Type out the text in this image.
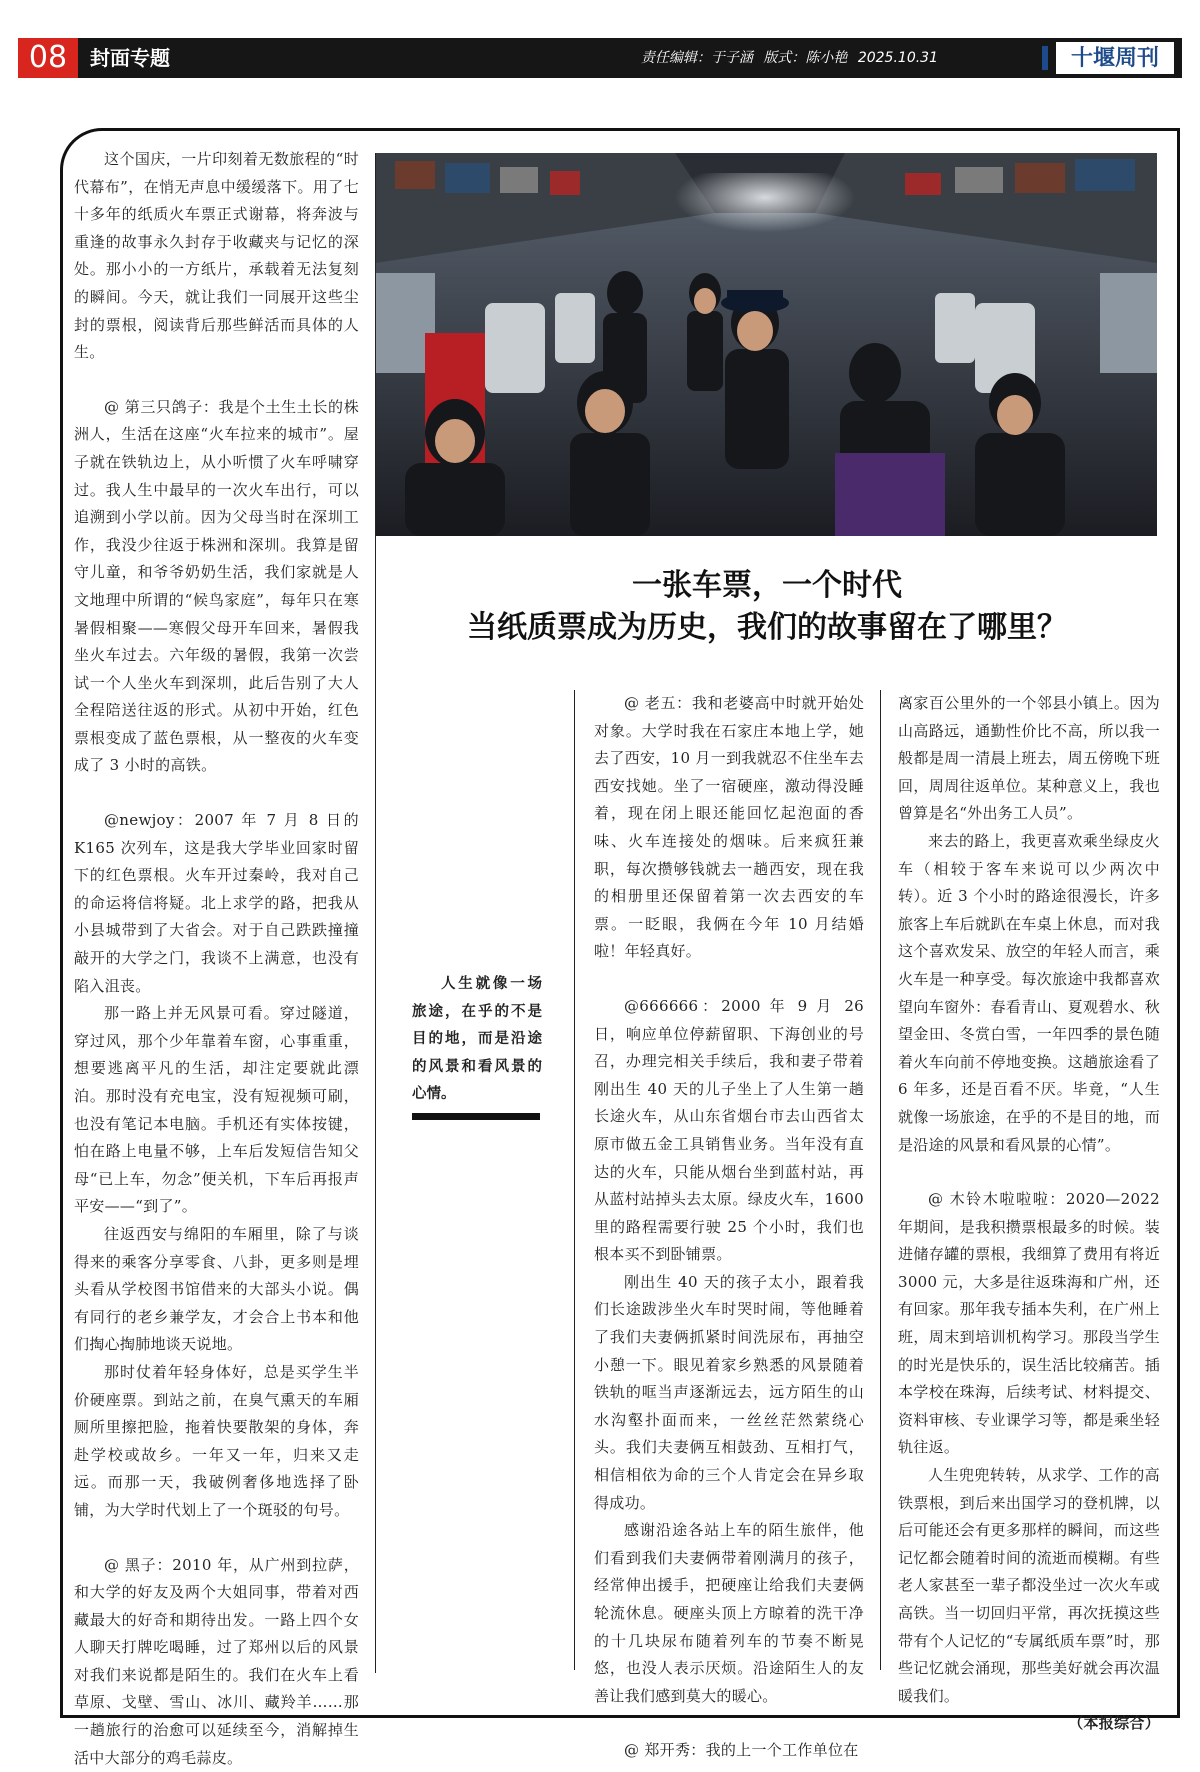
08	封面专题	责任编辑：于子涵 版式：陈小艳 2025.10.31	十堰周刊
二维码安全使用镜头。
一张车票，一个时代
当纸质票成为历史，我们的故事留在了哪里？

这个国庆，一片印刻着无数旅程的“时代幕布”，在悄无声息中缓缓落下。用了七十多年的纸质火车票正式谢幕，将奔波与重逢的故事永久封存于收藏夹与记忆的深处。那小小的一方纸片，承载着无法复刻的瞬间。今天，就让我们一同展开这些尘封的票根，阅读背后那些鲜活而具体的人生。

@ 第三只鸽子：我是个土生土长的株洲人，生活在这座“火车拉来的城市”。屋子就在铁轨边上，从小听惯了火车呼啸穿过。我人生中最早的一次火车出行，可以追溯到小学以前。因为父母当时在深圳工作，我没少往返于株洲和深圳。我算是留守儿童，和爷爷奶奶生活，我们家就是人文地理中所谓的“候鸟家庭”，每年只在寒暑假相聚——寒假父母开车回来，暑假我坐火车过去。六年级的暑假，我第一次尝试一个人坐火车到深圳，此后告别了大人全程陪送往返的形式。从初中开始，红色票根变成了蓝色票根，从一整夜的火车变成了 3 小时的高铁。

@newjoy：2007 年 7 月 8 日的 K165 次列车，这是我大学毕业回家时留下的红色票根。火车开过秦岭，我对自己的命运将信将疑。北上求学的路，把我从小县城带到了大省会。对于自己跌跌撞撞敲开的大学之门，我谈不上满意，也没有陷入沮丧。

那一路上并无风景可看。穿过隧道，穿过风，那个少年靠着车窗，心事重重，想要逃离平凡的生活，却注定要就此漂泊。那时没有充电宝，没有短视频可刷，也没有笔记本电脑。手机还有实体按键，怕在路上电量不够，上车后发短信告知父母“已上车，勿念”便关机，下车后再报声平安——“到了”。

往返西安与绵阳的车厢里，除了与谈得来的乘客分享零食、八卦，更多则是埋头看从学校图书馆借来的大部头小说。偶有同行的老乡兼学友，才会合上书本和他们掏心掏肺地谈天说地。

那时仗着年轻身体好，总是买学生半价硬座票。到站之前，在臭气熏天的车厢厕所里擦把脸，拖着快要散架的身体，奔赴学校或故乡。一年又一年，归来又走远。而那一天，我破例奢侈地选择了卧铺，为大学时代划上了一个斑驳的句号。

@ 黑子：2010 年，从广州到拉萨，和大学的好友及两个大姐同事，带着对西藏最大的好奇和期待出发。一路上四个女人聊天打牌吃喝睡，过了郑州以后的风景对我们来说都是陌生的。我们在火车上看草原、戈壁、雪山、冰川、藏羚羊……那一趟旅行的治愈可以延续至今，消解掉生活中大部分的鸡毛蒜皮。

人生就像一场旅途，在乎的不是目的地，而是沿途的风景和看风景的心情。

@ 老五：我和老婆高中时就开始处对象。大学时我在石家庄本地上学，她去了西安，10 月一到我就忍不住坐车去西安找她。坐了一宿硬座，激动得没睡着，现在闭上眼还能回忆起泡面的香味、火车连接处的烟味。后来疯狂兼职，每次攒够钱就去一趟西安，现在我的相册里还保留着第一次去西安的车票。一眨眼，我俩在今年 10 月结婚啦！年轻真好。

@666666：2000 年 9 月 26 日，响应单位停薪留职、下海创业的号召，办理完相关手续后，我和妻子带着刚出生 40 天的儿子坐上了人生第一趟长途火车，从山东省烟台市去山西省太原市做五金工具销售业务。当年没有直达的火车，只能从烟台坐到蓝村站，再从蓝村站掉头去太原。绿皮火车，1600 里的路程需要行驶 25 个小时，我们也根本买不到卧铺票。

刚出生 40 天的孩子太小，跟着我们长途跋涉坐火车时哭时闹，等他睡着了我们夫妻俩抓紧时间洗尿布，再抽空小憩一下。眼见着家乡熟悉的风景随着铁轨的哐当声逐渐远去，远方陌生的山水沟壑扑面而来，一丝丝茫然萦绕心头。我们夫妻俩互相鼓劲、互相打气，相信相依为命的三个人肯定会在异乡取得成功。

感谢沿途各站上车的陌生旅伴，他们看到我们夫妻俩带着刚满月的孩子，经常伸出援手，把硬座让给我们夫妻俩轮流休息。硬座头顶上方晾着的洗干净的十几块尿布随着列车的节奏不断晃悠，也没人表示厌烦。沿途陌生人的友善让我们感到莫大的暖心。

@ 郑开秀：我的上一个工作单位在

离家百公里外的一个邻县小镇上。因为山高路远，通勤性价比不高，所以我一般都是周一清晨上班去，周五傍晚下班回，周周往返单位。某种意义上，我也曾算是名“外出务工人员”。

来去的路上，我更喜欢乘坐绿皮火车（相较于客车来说可以少两次中转）。近 3 个小时的路途很漫长，许多旅客上车后就趴在车桌上休息，而对我这个喜欢发呆、放空的年轻人而言，乘火车是一种享受。每次旅途中我都喜欢望向车窗外：春看青山、夏观碧水、秋望金田、冬赏白雪，一年四季的景色随着火车向前不停地变换。这趟旅途看了 6 年多，还是百看不厌。毕竟，“人生就像一场旅途，在乎的不是目的地，而是沿途的风景和看风景的心情”。

@ 木铃木啦啦啦：2020—2022 年期间，是我积攒票根最多的时候。装进储存罐的票根，我细算了费用有将近 3000 元，大多是往返珠海和广州，还有回家。那年我专插本失利，在广州上班，周末到培训机构学习。那段当学生的时光是快乐的，误生活比较痛苦。插本学校在珠海，后续考试、材料提交、资料审核、专业课学习等，都是乘坐轻轨往返。

人生兜兜转转，从求学、工作的高铁票根，到后来出国学习的登机牌，以后可能还会有更多那样的瞬间，而这些记忆都会随着时间的流逝而模糊。有些老人家甚至一辈子都没坐过一次火车或高铁。当一切回归平常，再次抚摸这些带有个人记忆的“专属纸质车票”时，那些记忆就会涌现，那些美好就会再次温暖我们。

（本报综合）
